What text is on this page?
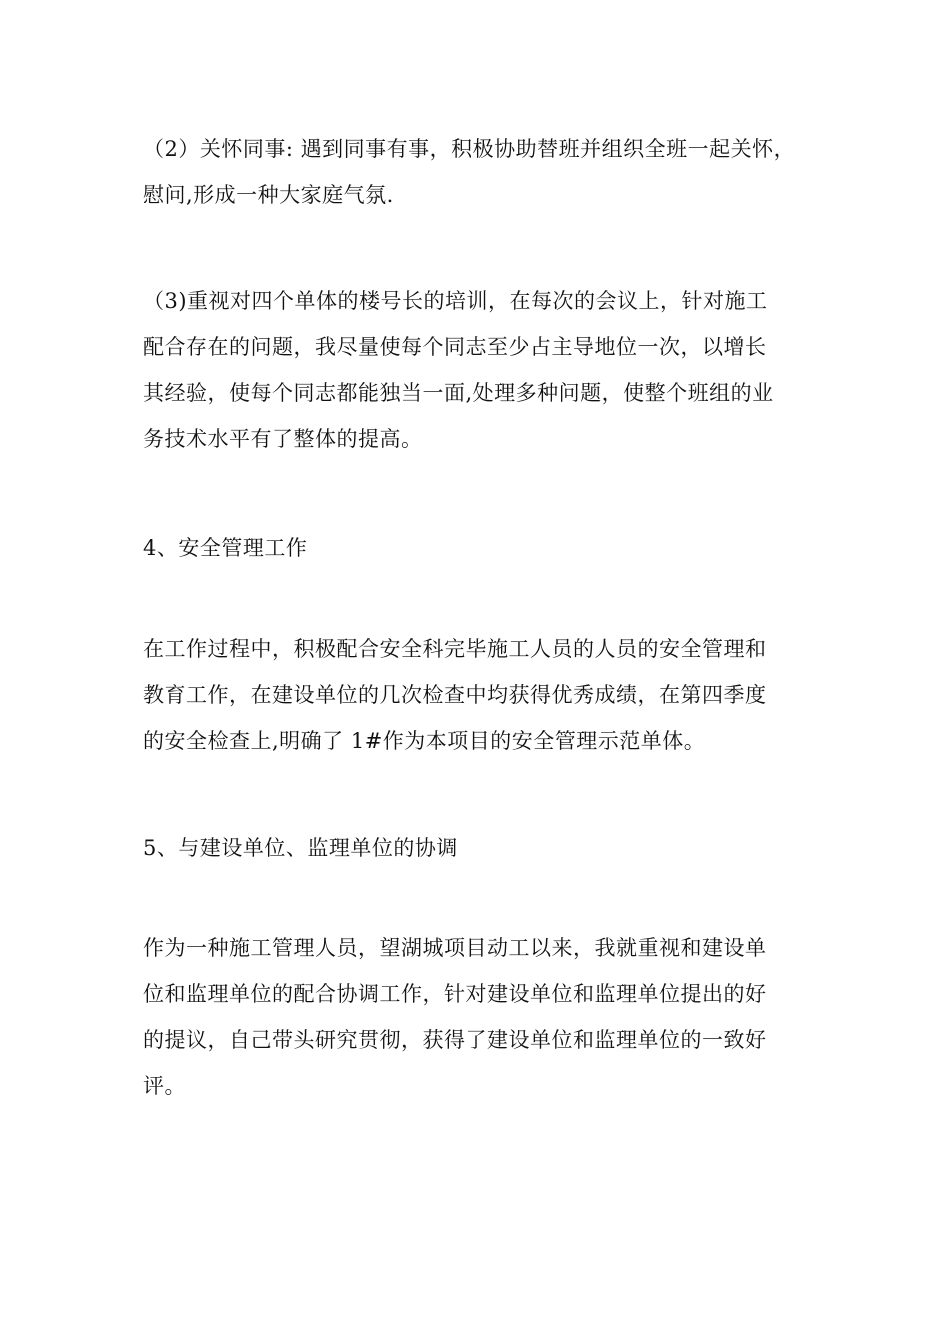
（2）关怀同事: 遇到同事有事，积极协助替班并组织全班一起关怀，
慰问,形成一种大家庭气氛.

（3)重视对四个单体的楼号长的培训，在每次的会议上，针对施工
配合存在的问题，我尽量使每个同志至少占主导地位一次，以增长
其经验，使每个同志都能独当一面,处理多种问题，使整个班组的业
务技术水平有了整体的提高。

4、安全管理工作

在工作过程中，积极配合安全科完毕施工人员的人员的安全管理和
教育工作，在建设单位的几次检查中均获得优秀成绩，在第四季度
的安全检查上,明确了 1#作为本项目的安全管理示范单体。

5、与建设单位、监理单位的协调

作为一种施工管理人员，望湖城项目动工以来，我就重视和建设单
位和监理单位的配合协调工作，针对建设单位和监理单位提出的好
的提议，自己带头研究贯彻，获得了建设单位和监理单位的一致好
评。
